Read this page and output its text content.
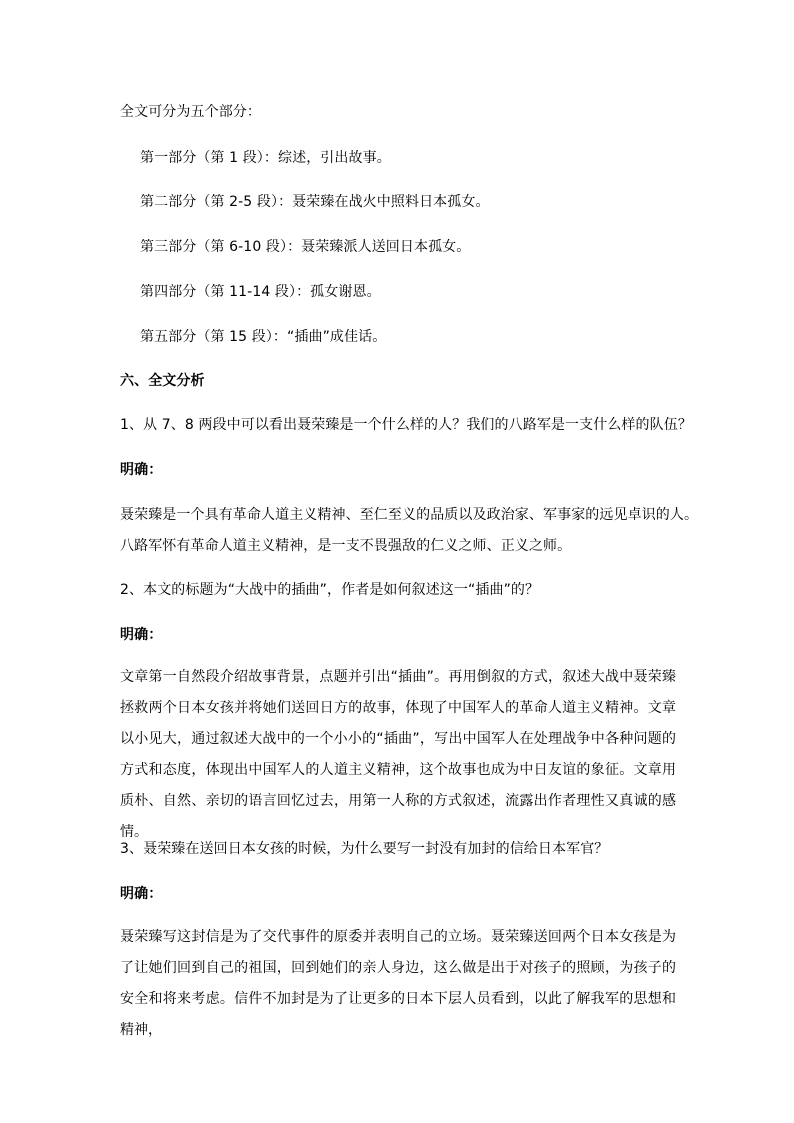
全文可分为五个部分：
第一部分（第 1 段）：综述，引出故事。
第二部分（第 2-5 段）：聂荣臻在战火中照料日本孤女。
第三部分（第 6-10 段）：聂荣臻派人送回日本孤女。
第四部分（第 11-14 段）：孤女谢恩。
第五部分（第 15 段）：“插曲”成佳话。
六、全文分析
1、从 7、8 两段中可以看出聂荣臻是一个什么样的人？我们的八路军是一支什么样的队伍？
明确：
聂荣臻是一个具有革命人道主义精神、至仁至义的品质以及政治家、军事家的远见卓识的人。
八路军怀有革命人道主义精神，是一支不畏强敌的仁义之师、正义之师。
2、本文的标题为“大战中的插曲”，作者是如何叙述这一“插曲”的？
明确：
文章第一自然段介绍故事背景，点题并引出“插曲”。再用倒叙的方式，叙述大战中聂荣臻拯救两个日本女孩并将她们送回日方的故事，体现了中国军人的革命人道主义精神。文章以小见大，通过叙述大战中的一个小小的“插曲”，写出中国军人在处理战争中各种问题的方式和态度，体现出中国军人的人道主义精神，这个故事也成为中日友谊的象征。文章用质朴、自然、亲切的语言回忆过去，用第一人称的方式叙述，流露出作者理性又真诚的感情。
3、聂荣臻在送回日本女孩的时候，为什么要写一封没有加封的信给日本军官？
明确：
聂荣臻写这封信是为了交代事件的原委并表明自己的立场。聂荣臻送回两个日本女孩是为了让她们回到自己的祖国，回到她们的亲人身边，这么做是出于对孩子的照顾，为孩子的安全和将来考虑。信件不加封是为了让更多的日本下层人员看到，以此了解我军的思想和精神，
